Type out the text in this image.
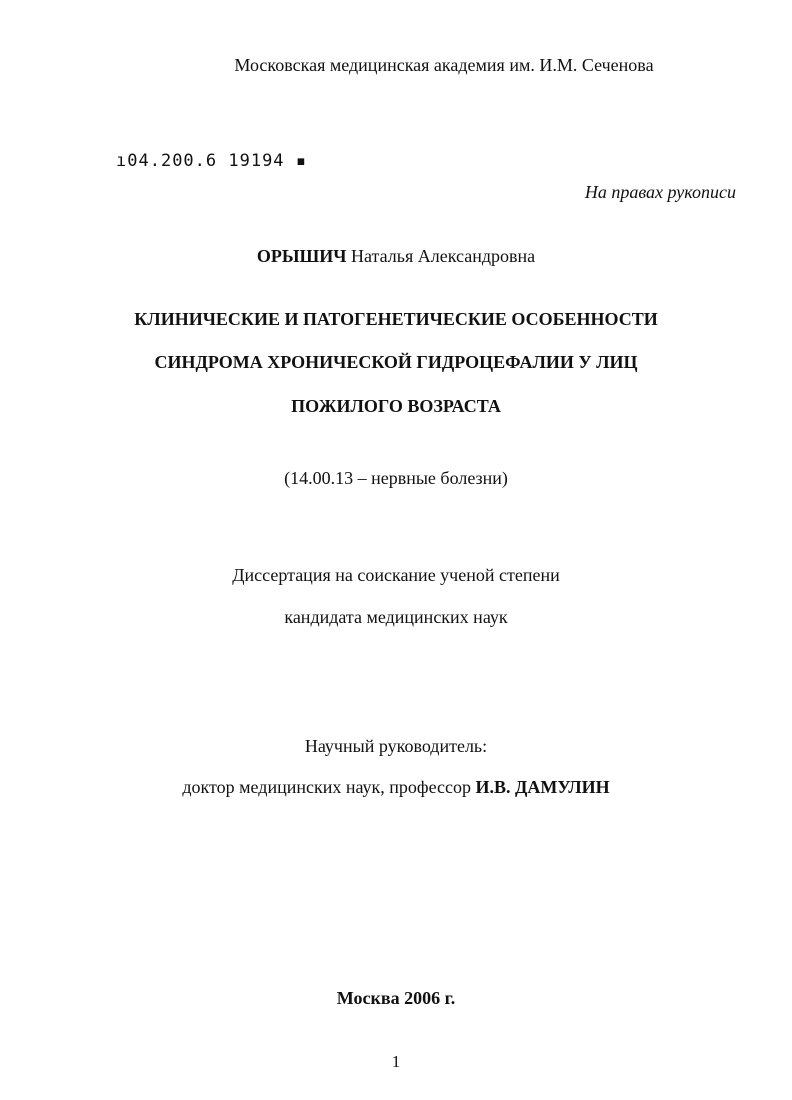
Московская медицинская академия им. И.М. Сеченова
ı04.200.6 19194 ▪
На правах рукописи
ОРЫШИЧ Наталья Александровна
КЛИНИЧЕСКИЕ И ПАТОГЕНЕТИЧЕСКИЕ ОСОБЕННОСТИ
СИНДРОМА ХРОНИЧЕСКОЙ ГИДРОЦЕФАЛИИ У ЛИЦ
ПОЖИЛОГО ВОЗРАСТА
(14.00.13 – нервные болезни)
Диссертация на соискание ученой степени
кандидата медицинских наук
Научный руководитель:
доктор медицинских наук, профессор И.В. ДАМУЛИН
Москва 2006 г.
1
